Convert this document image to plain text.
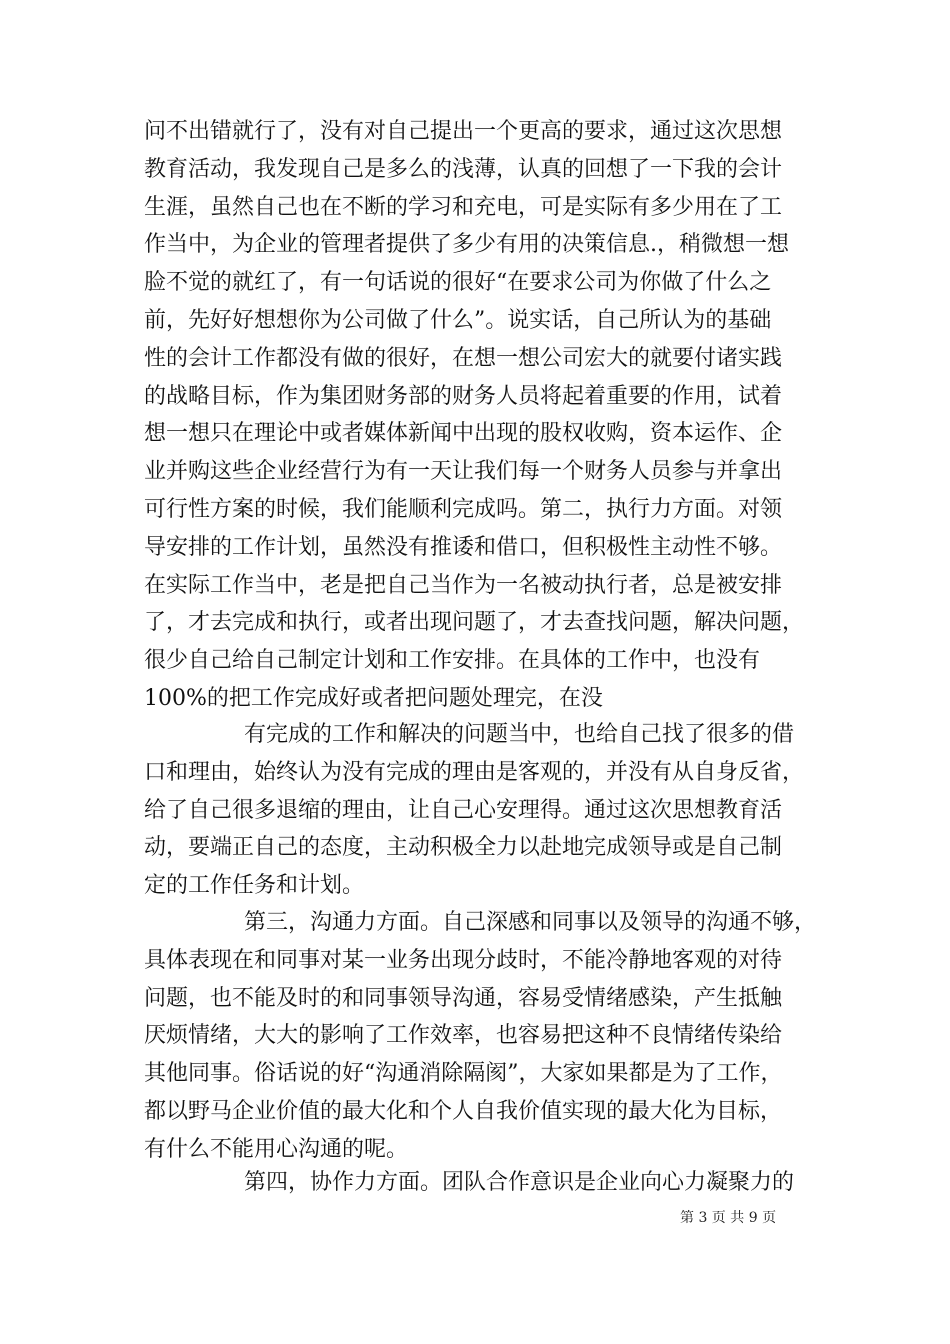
问不出错就行了，没有对自己提出一个更高的要求，通过这次思想
教育活动，我发现自己是多么的浅薄，认真的回想了一下我的会计
生涯，虽然自己也在不断的学习和充电，可是实际有多少用在了工
作当中，为企业的管理者提供了多少有用的决策信息.，稍微想一想
脸不觉的就红了，有一句话说的很好“在要求公司为你做了什么之
前，先好好想想你为公司做了什么”。说实话，自己所认为的基础
性的会计工作都没有做的很好，在想一想公司宏大的就要付诸实践
的战略目标，作为集团财务部的财务人员将起着重要的作用，试着
想一想只在理论中或者媒体新闻中出现的股权收购，资本运作、企
业并购这些企业经营行为有一天让我们每一个财务人员参与并拿出
可行性方案的时候，我们能顺利完成吗。第二，执行力方面。对领
导安排的工作计划，虽然没有推诿和借口，但积极性主动性不够。
在实际工作当中，老是把自己当作为一名被动执行者，总是被安排
了，才去完成和执行，或者出现问题了，才去查找问题，解决问题，
很少自己给自己制定计划和工作安排。在具体的工作中，也没有
100%的把工作完成好或者把问题处理完，在没
有完成的工作和解决的问题当中，也给自己找了很多的借
口和理由，始终认为没有完成的理由是客观的，并没有从自身反省，
给了自己很多退缩的理由，让自己心安理得。通过这次思想教育活
动，要端正自己的态度，主动积极全力以赴地完成领导或是自己制
定的工作任务和计划。
第三，沟通力方面。自己深感和同事以及领导的沟通不够，
具体表现在和同事对某一业务出现分歧时，不能冷静地客观的对待
问题，也不能及时的和同事领导沟通，容易受情绪感染，产生抵触
厌烦情绪，大大的影响了工作效率，也容易把这种不良情绪传染给
其他同事。俗话说的好“沟通消除隔阂”，大家如果都是为了工作，
都以野马企业价值的最大化和个人自我价值实现的最大化为目标，
有什么不能用心沟通的呢。
第四，协作力方面。团队合作意识是企业向心力凝聚力的
第 3 页 共 9 页
